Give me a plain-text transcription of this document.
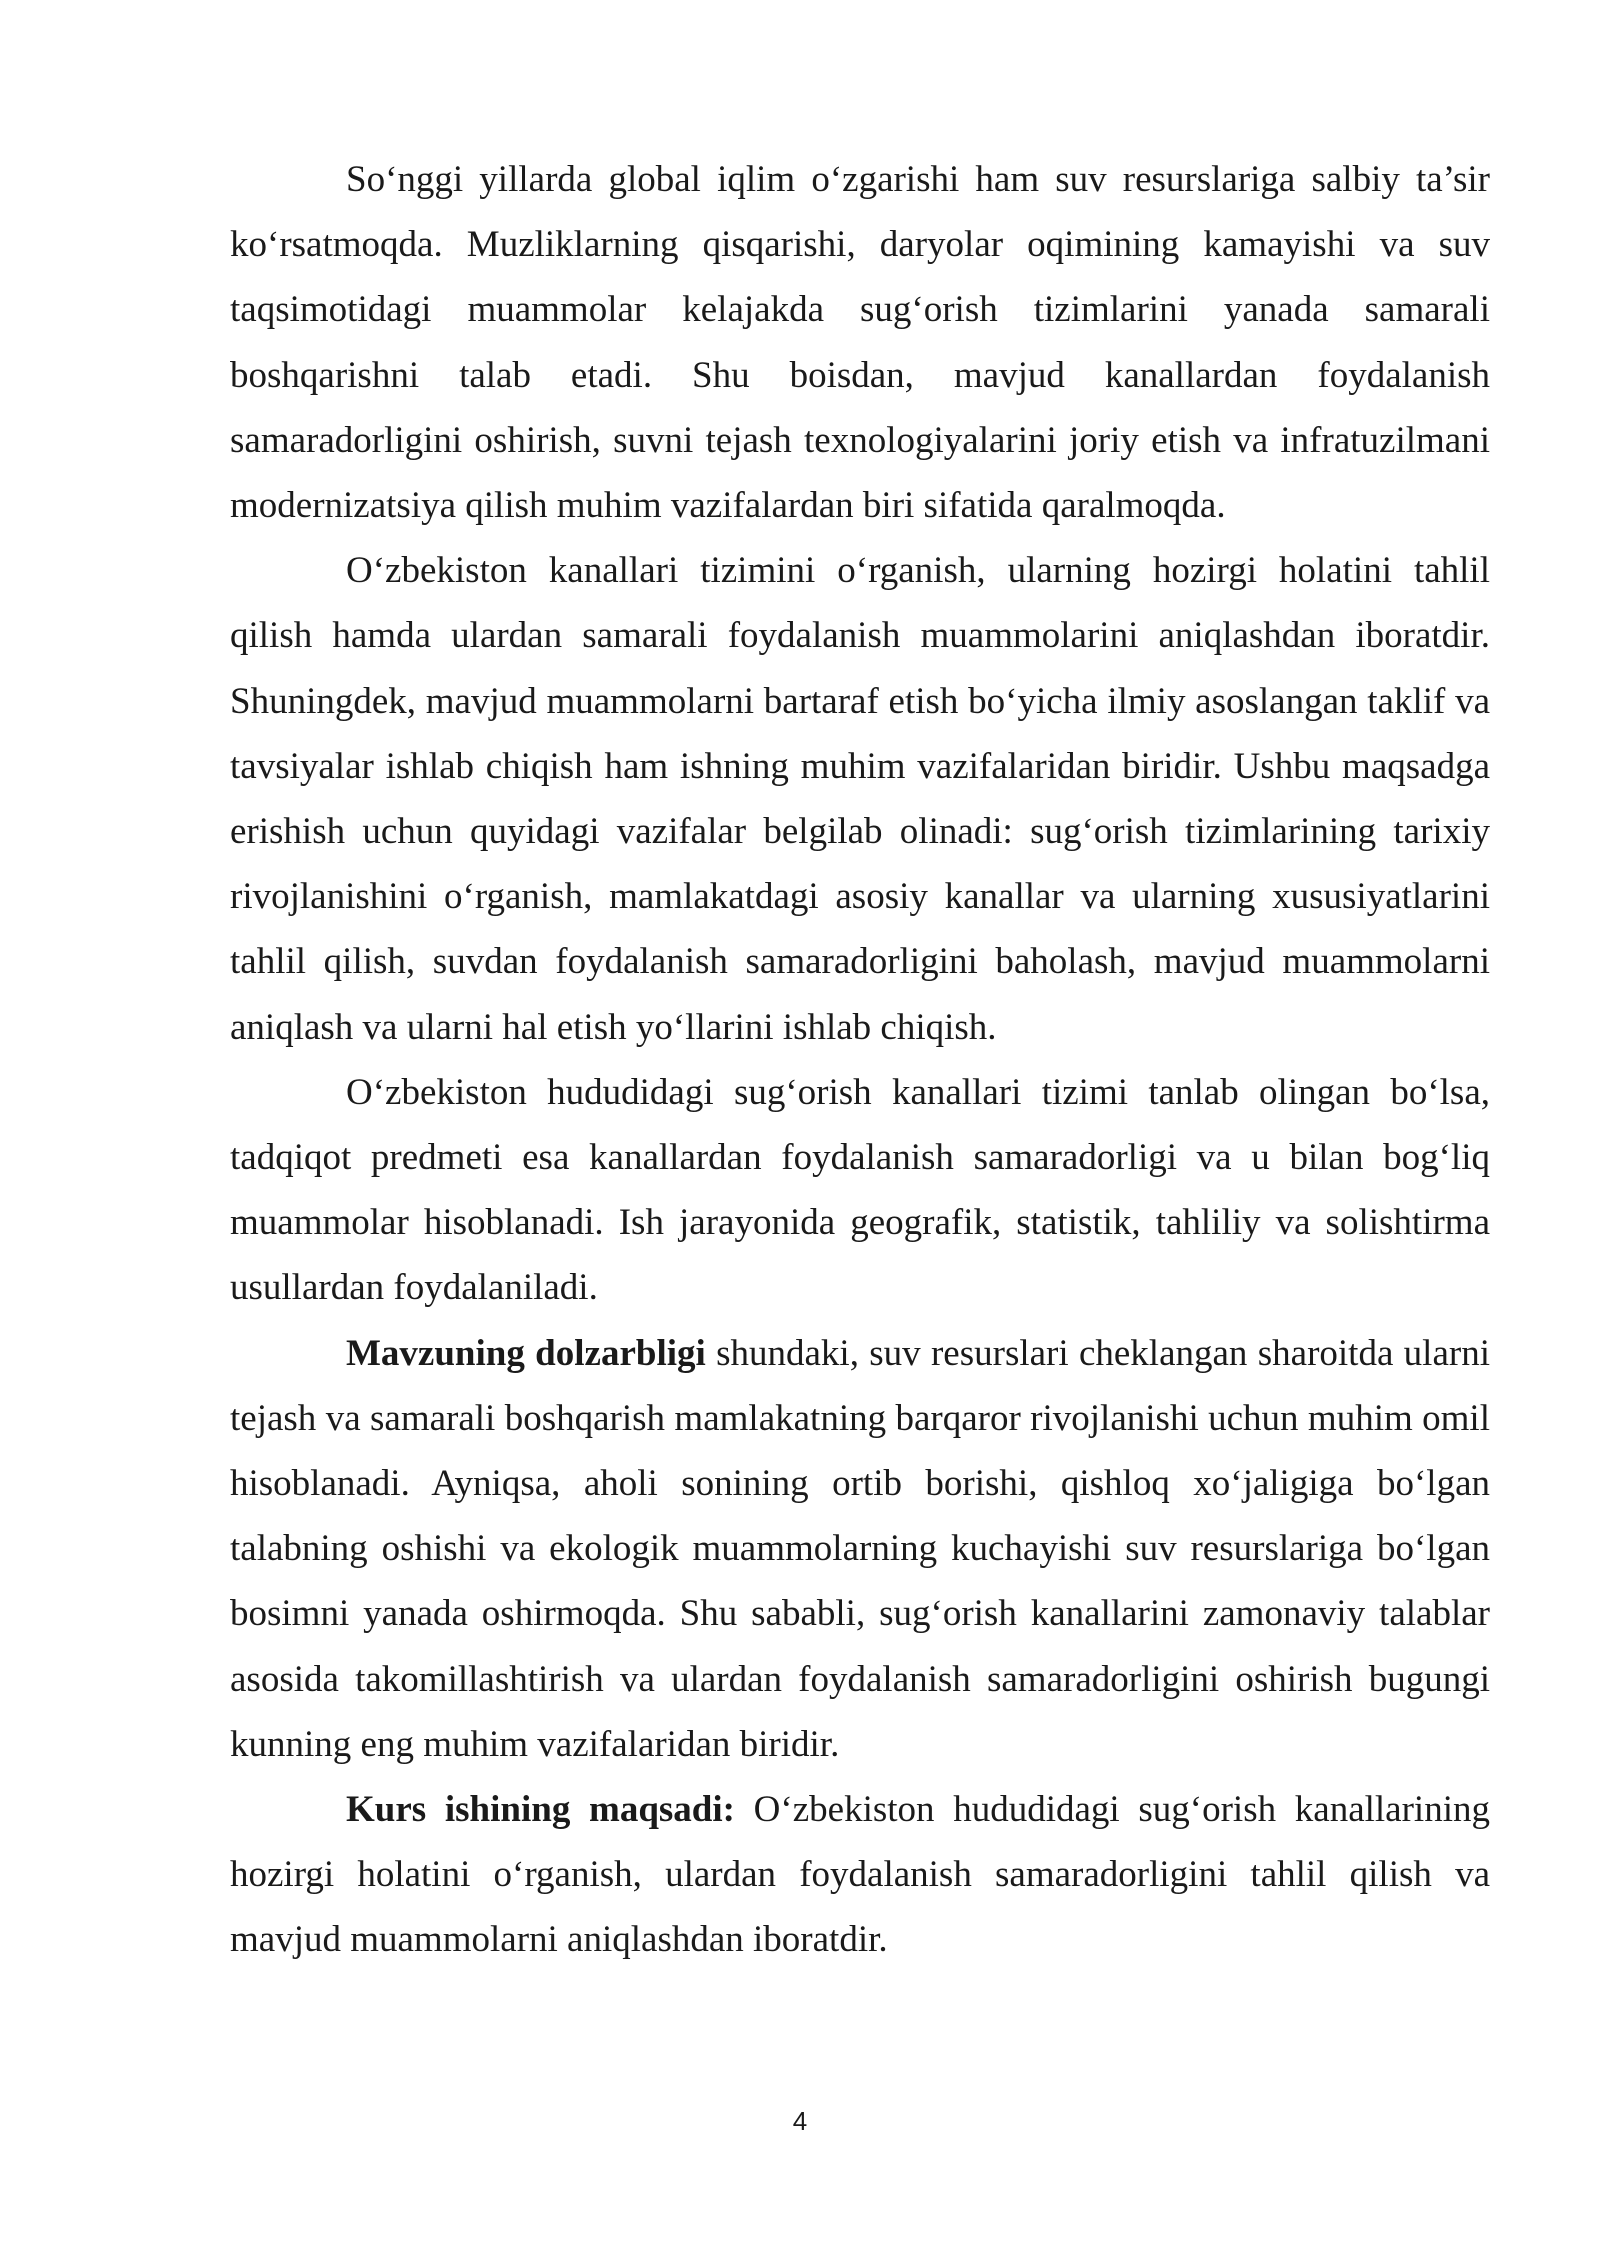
So‘nggi yillarda global iqlim o‘zgarishi ham suv resurslariga salbiy ta’sir ko‘rsatmoqda. Muzliklarning qisqarishi, daryolar oqimining kamayishi va suv taqsimotidagi muammolar kelajakda sug‘orish tizimlarini yanada samarali boshqarishni talab etadi. Shu boisdan, mavjud kanallardan foydalanish samaradorligini oshirish, suvni tejash texnologiyalarini joriy etish va infratuzilmani modernizatsiya qilish muhim vazifalardan biri sifatida qaralmoqda.

O‘zbekiston kanallari tizimini o‘rganish, ularning hozirgi holatini tahlil qilish hamda ulardan samarali foydalanish muammolarini aniqlashdan iboratdir. Shuningdek, mavjud muammolarni bartaraf etish bo‘yicha ilmiy asoslangan taklif va tavsiyalar ishlab chiqish ham ishning muhim vazifalaridan biridir. Ushbu maqsadga erishish uchun quyidagi vazifalar belgilab olinadi: sug‘orish tizimlarining tarixiy rivojlanishini o‘rganish, mamlakatdagi asosiy kanallar va ularning xususiyatlarini tahlil qilish, suvdan foydalanish samaradorligini baholash, mavjud muammolarni aniqlash va ularni hal etish yo‘llarini ishlab chiqish.

O‘zbekiston hududidagi sug‘orish kanallari tizimi tanlab olingan bo‘lsa, tadqiqot predmeti esa kanallardan foydalanish samaradorligi va u bilan bog‘liq muammolar hisoblanadi. Ish jarayonida geografik, statistik, tahliliy va solishtirma usullardan foydalaniladi.

Mavzuning dolzarbligi shundaki, suv resurslari cheklangan sharoitda ularni tejash va samarali boshqarish mamlakatning barqaror rivojlanishi uchun muhim omil hisoblanadi. Ayniqsa, aholi sonining ortib borishi, qishloq xo‘jaligiga bo‘lgan talabning oshishi va ekologik muammolarning kuchayishi suv resurslariga bo‘lgan bosimni yanada oshirmoqda. Shu sababli, sug‘orish kanallarini zamonaviy talablar asosida takomillashtirish va ulardan foydalanish samaradorligini oshirish bugungi kunning eng muhim vazifalaridan biridir.

Kurs ishining maqsadi: O‘zbekiston hududidagi sug‘orish kanallarining hozirgi holatini o‘rganish, ulardan foydalanish samaradorligini tahlil qilish va mavjud muammolarni aniqlashdan iboratdir.

4
